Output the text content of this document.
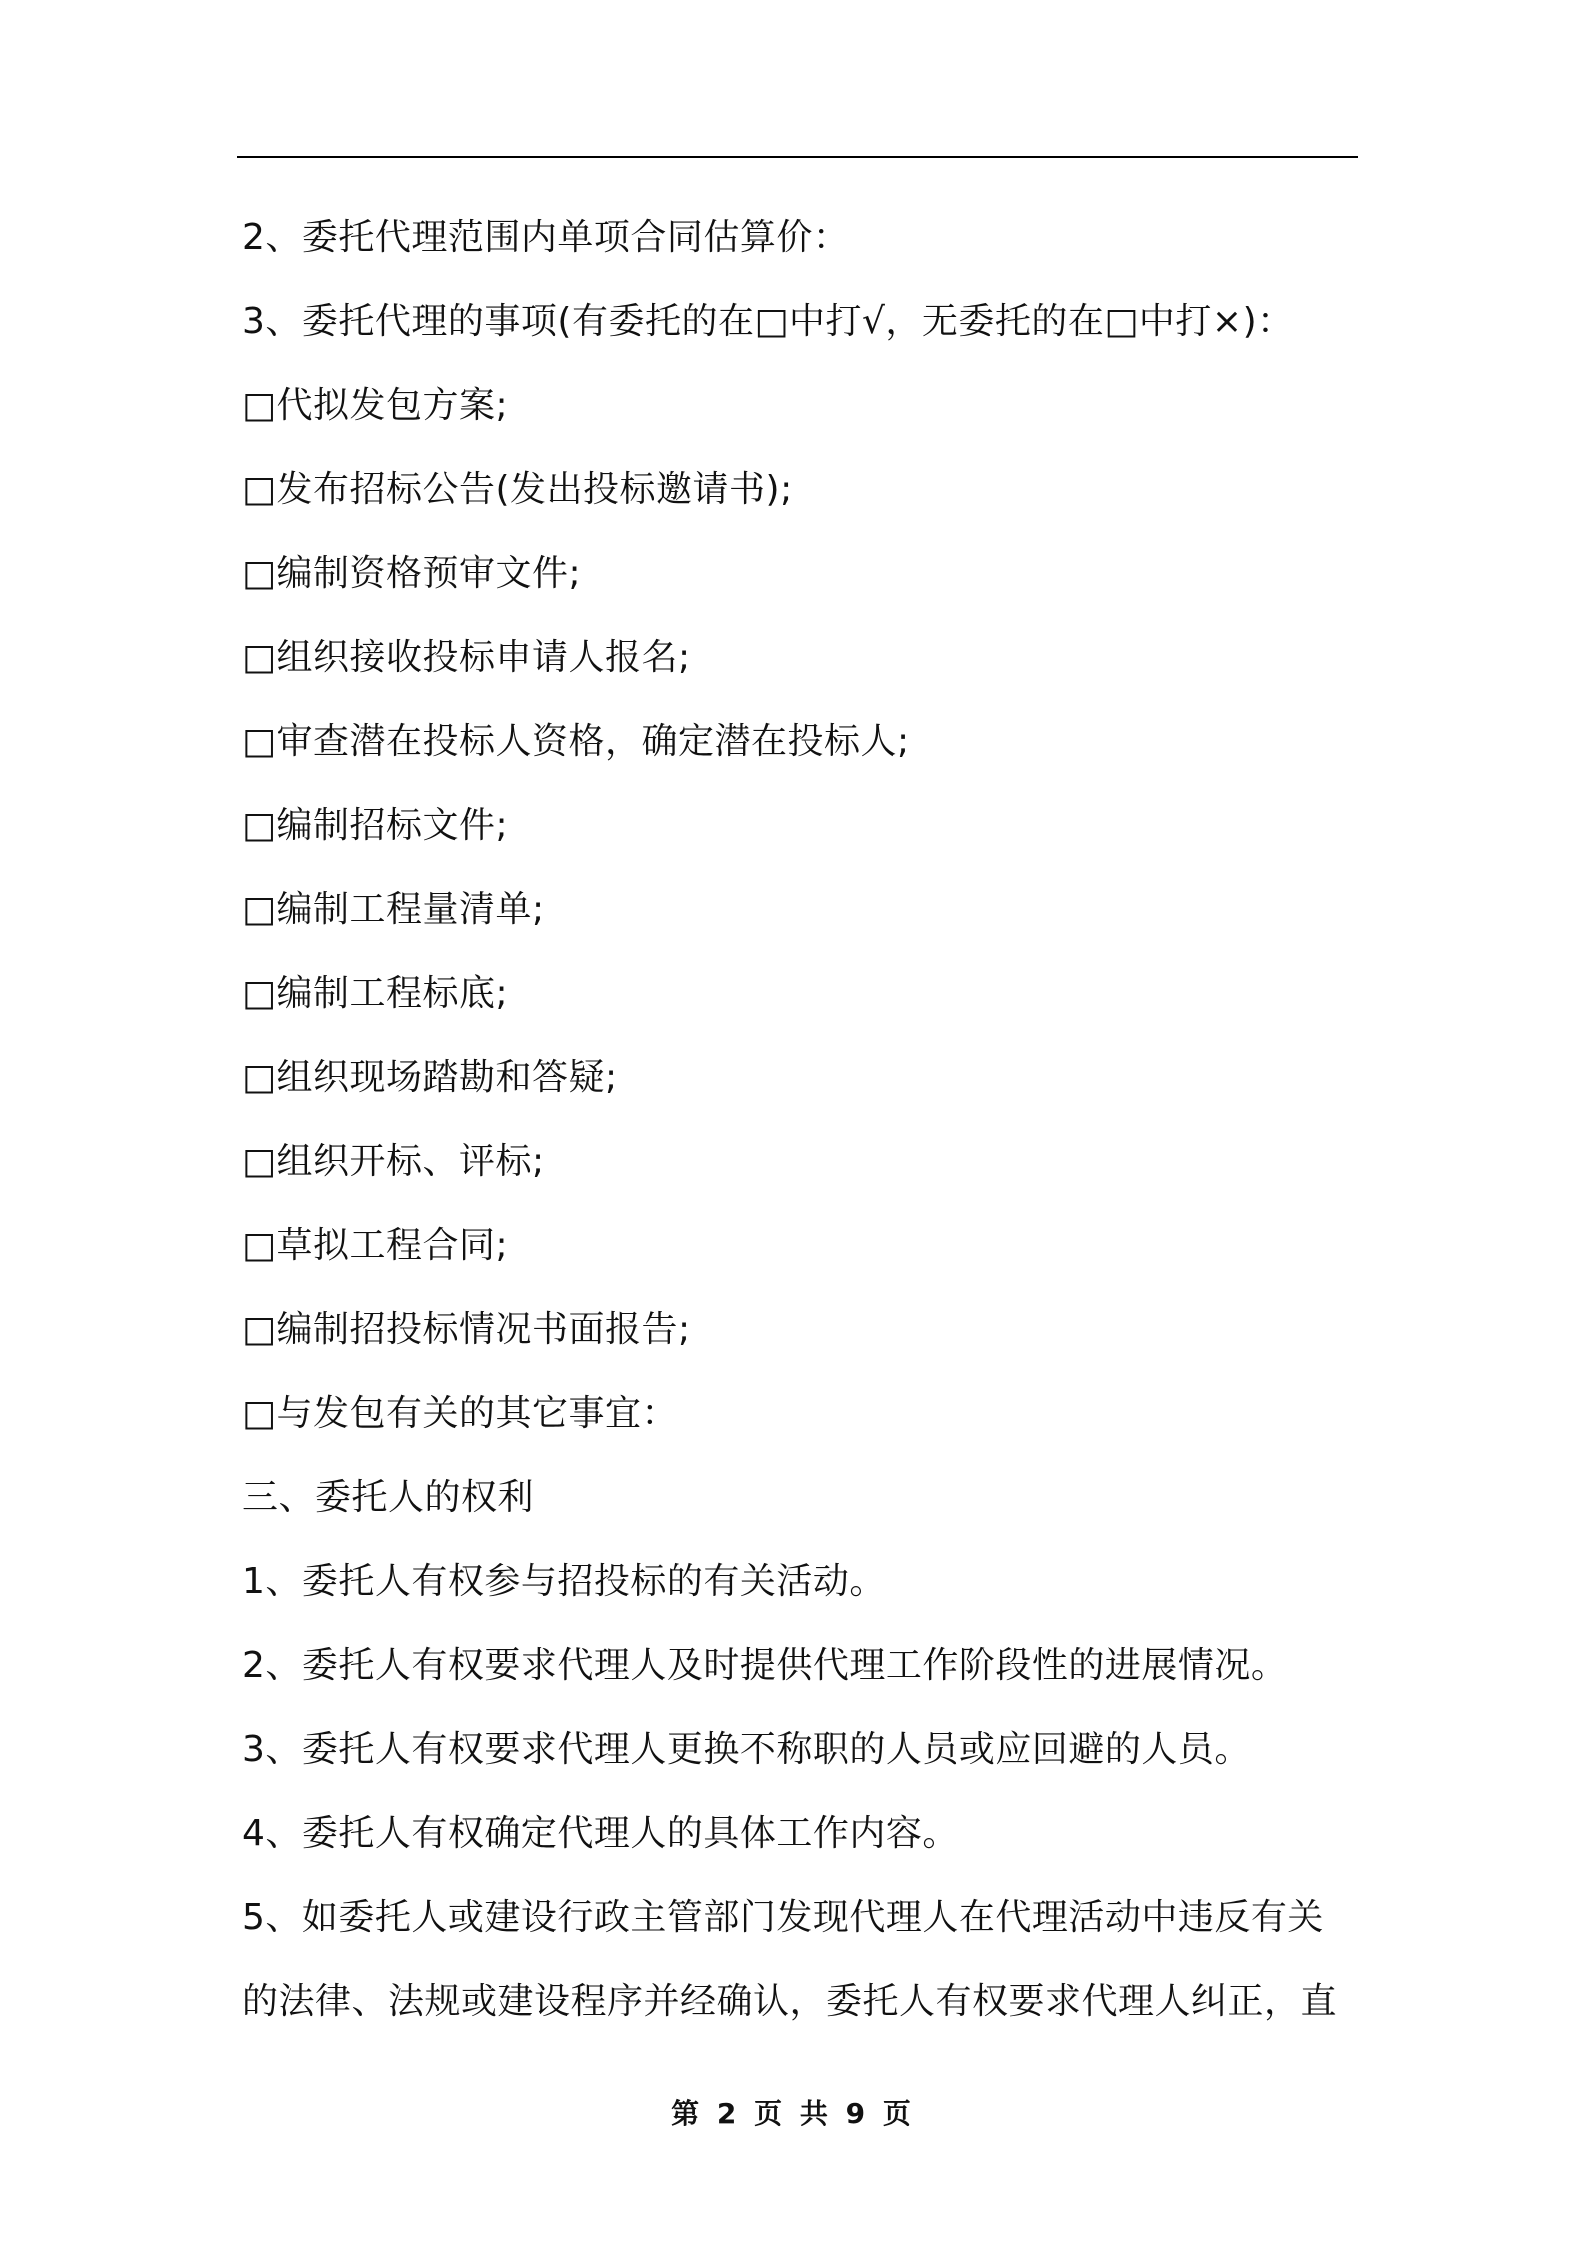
2、委托代理范围内单项合同估算价：
3、委托代理的事项(有委托的在□中打√，无委托的在□中打×)：
□代拟发包方案;
□发布招标公告(发出投标邀请书);
□编制资格预审文件;
□组织接收投标申请人报名;
□审查潜在投标人资格，确定潜在投标人;
□编制招标文件;
□编制工程量清单;
□编制工程标底;
□组织现场踏勘和答疑;
□组织开标、评标;
□草拟工程合同;
□编制招投标情况书面报告;
□与发包有关的其它事宜：
三、委托人的权利
1、委托人有权参与招投标的有关活动。
2、委托人有权要求代理人及时提供代理工作阶段性的进展情况。
3、委托人有权要求代理人更换不称职的人员或应回避的人员。
4、委托人有权确定代理人的具体工作内容。
5、如委托人或建设行政主管部门发现代理人在代理活动中违反有关
的法律、法规或建设程序并经确认，委托人有权要求代理人纠正，直
第 2 页 共 9 页
